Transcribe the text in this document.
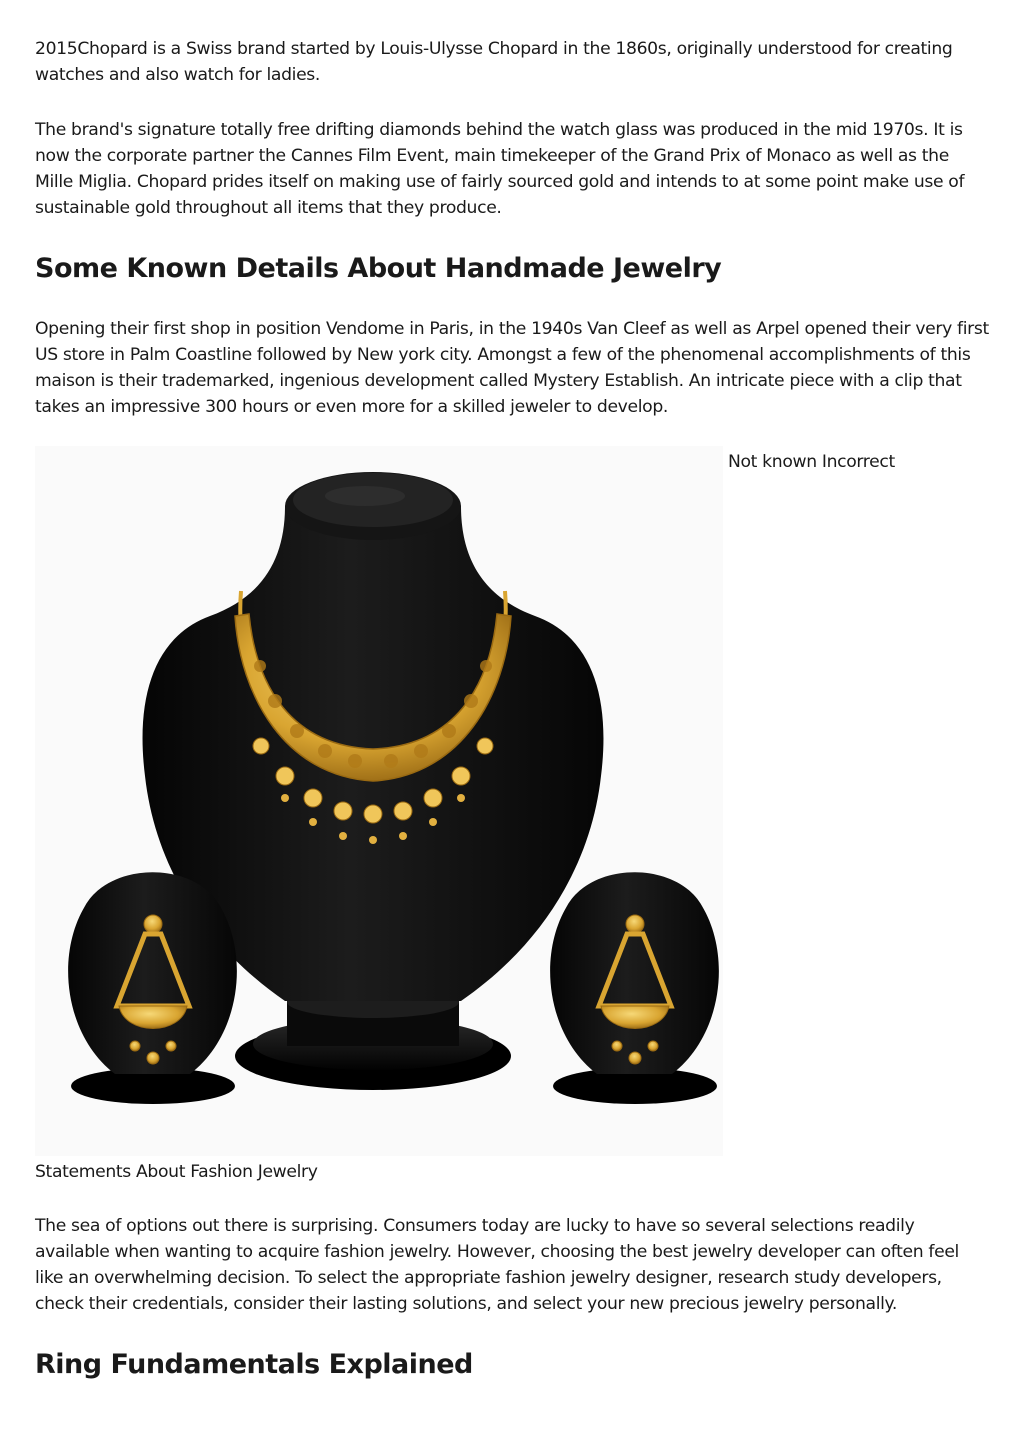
2015Chopard is a Swiss brand started by Louis-Ulysse Chopard in the 1860s, originally understood for creating watches and also watch for ladies.

The brand's signature totally free drifting diamonds behind the watch glass was produced in the mid 1970s. It is now the corporate partner the Cannes Film Event, main timekeeper of the Grand Prix of Monaco as well as the Mille Miglia. Chopard prides itself on making use of fairly sourced gold and intends to at some point make use of sustainable gold throughout all items that they produce.

Some Known Details About Handmade Jewelry

Opening their first shop in position Vendome in Paris, in the 1940s Van Cleef as well as Arpel opened their very first US store in Palm Coastline followed by New york city. Amongst a few of the phenomenal accomplishments of this maison is their trademarked, ingenious development called Mystery Establish. An intricate piece with a clip that takes an impressive 300 hours or even more for a skilled jeweler to develop.

Not known Incorrect

Statements About Fashion Jewelry

The sea of options out there is surprising. Consumers today are lucky to have so several selections readily available when wanting to acquire fashion jewelry. However, choosing the best jewelry developer can often feel like an overwhelming decision. To select the appropriate fashion jewelry designer, research study developers, check their credentials, consider their lasting solutions, and select your new precious jewelry personally.

Ring Fundamentals Explained
